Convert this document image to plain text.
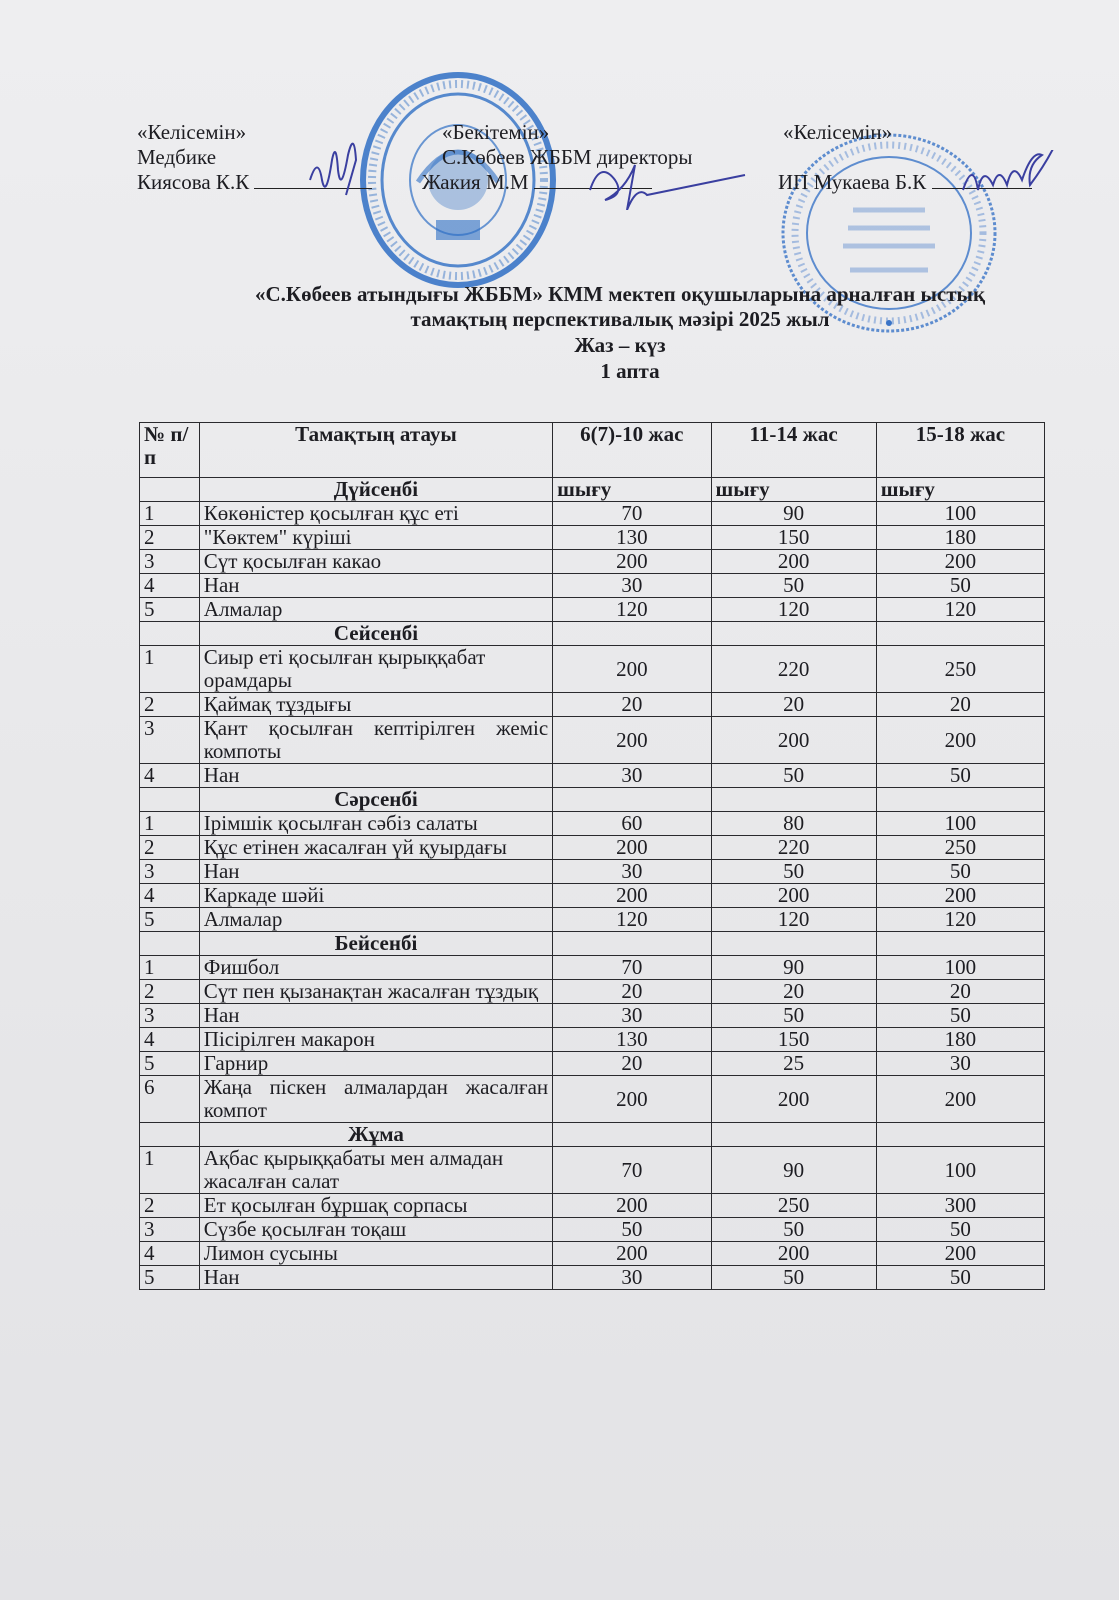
«Келісемін»
Медбике
Киясова К.К
«Бекітемін»
С.Көбеев ЖББМ директоры
Жакия М.М
«Келісемін»

ИП Мукаева Б.К
«С.Көбеев атындығы ЖББМ» КММ мектеп оқушыларына арналған ыстық
тамақтың перспективалық мәзірі 2025 жыл
Жаз – күз
1 апта
№ п/п	Тамақтың атауы	6(7)-10 жас	11-14 жас	15-18 жас
	Дүйсенбі	шығу	шығу	шығу
1	Көкөністер қосылған құс еті	70	90	100
2	"Көктем" күріші	130	150	180
3	Сүт қосылған какао	200	200	200
4	Нан	30	50	50
5	Алмалар	120	120	120
	Сейсенбі			
1	Сиыр еті қосылған қырыққабат орамдары	200	220	250
2	Қаймақ тұздығы	20	20	20
3	Қант қосылған кептірілген жеміс компоты	200	200	200
4	Нан	30	50	50
	Сәрсенбі			
1	Ірімшік қосылған сәбіз салаты	60	80	100
2	Құс етінен жасалған үй қуырдағы	200	220	250
3	Нан	30	50	50
4	Каркаде шәйі	200	200	200
5	Алмалар	120	120	120
	Бейсенбі			
1	Фишбол	70	90	100
2	Сүт пен қызанақтан жасалған тұздық	20	20	20
3	Нан	30	50	50
4	Пісірілген макарон	130	150	180
5	Гарнир	20	25	30
6	Жаңа піскен алмалардан жасалған компот	200	200	200
	Жұма			
1	Ақбас қырыққабаты мен алмадан жасалған салат	70	90	100
2	Ет қосылған бұршақ сорпасы	200	250	300
3	Сүзбе қосылған тоқаш	50	50	50
4	Лимон сусыны	200	200	200
5	Нан	30	50	50
